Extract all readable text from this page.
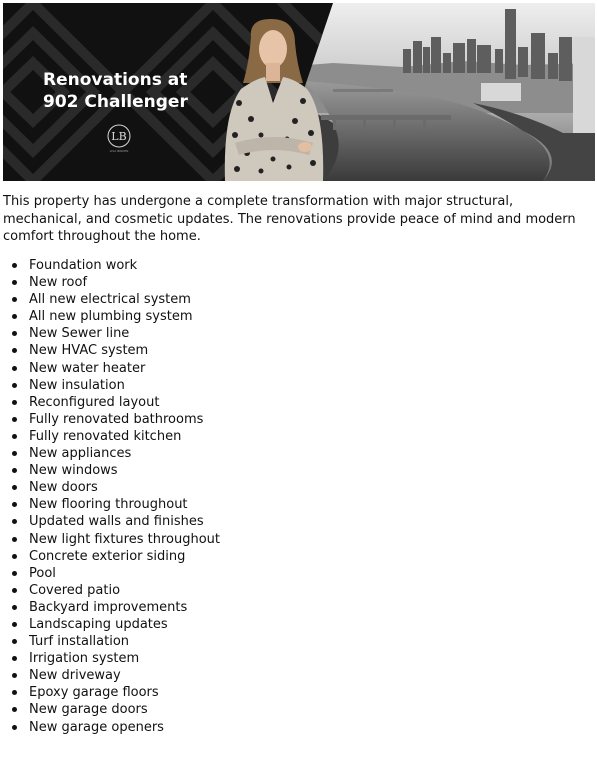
Renovations at
902 Challenger
LB
LISA BIRKEN

This property has undergone a complete transformation with major structural, mechanical, and cosmetic updates. The renovations provide peace of mind and modern comfort throughout the home.

Foundation work
New roof
All new electrical system
All new plumbing system
New Sewer line
New HVAC system
New water heater
New insulation
Reconfigured layout
Fully renovated bathrooms
Fully renovated kitchen
New appliances
New windows
New doors
New flooring throughout
Updated walls and finishes
New light fixtures throughout
Concrete exterior siding
Pool
Covered patio
Backyard improvements
Landscaping updates
Turf installation
Irrigation system
New driveway
Epoxy garage floors
New garage doors
New garage openers
